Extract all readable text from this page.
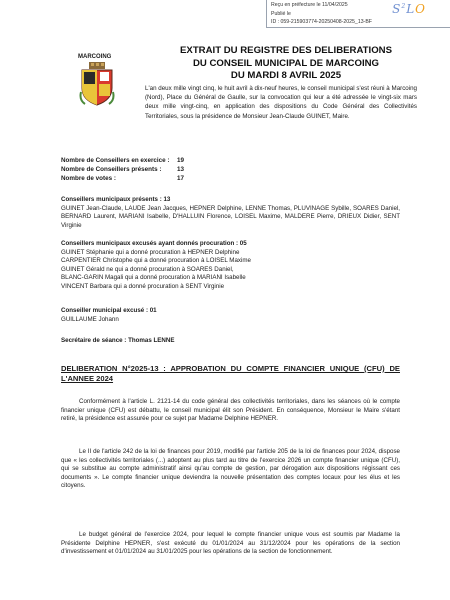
Reçu en préfecture le 11/04/2025
Publié le
ID : 059-215903774-20250408-2025_13-BF
$S^2LO$
MARCOING
EXTRAIT DU REGISTRE DES DELIBERATIONS
DU CONSEIL MUNICIPAL DE MARCOING
DU MARDI 8 AVRIL 2025
L'an deux mille vingt cinq, le huit avril à dix-neuf heures, le conseil municipal s'est réuni à Marcoing (Nord), Place du Général de Gaulle, sur la convocation qui leur a été adressée le vingt-six mars deux mille vingt-cinq, en application des dispositions du Code Général des Collectivités Territoriales, sous la présidence de Monsieur Jean-Claude GUINET, Maire.
Nombre de Conseillers en exercice : 19
Nombre de Conseillers présents : 13
Nombre de votes :	17
Conseillers municipaux présents : 13
GUINET Jean-Claude, LAUDE Jean Jacques, HEPNER Delphine, LENNE Thomas, PLUVINAGE Sybille, SOARES Daniel, BERNARD Laurent, MARIANI Isabelle, D'HALLUIN Florence, LOISEL Maxime, MALDERE Pierre, DRIEUX Didier, SENT Virginie
Conseillers municipaux excusés ayant donnés procuration : 05
GUINET Stéphanie qui a donné procuration à HEPNER Delphine
CARPENTIER Christophe qui a donné procuration à LOISEL Maxime
GUINET Gérald ne qui a donné procuration à SOARES Daniel,
BLANC-GARIN Magali qui a donné procuration à MARIANI Isabelle
VINCENT Barbara qui a donné procuration à SENT Virginie
Conseiller municipal excusé : 01
GUILLAUME Johann
Secrétaire de séance : Thomas LENNE
DELIBERATION N°2025-13 : APPROBATION DU COMPTE FINANCIER UNIQUE (CFU) DE L'ANNEE 2024
Conformément à l'article L. 2121-14 du code général des collectivités territoriales, dans les séances où le compte financier unique (CFU) est débattu, le conseil municipal élit son Président. En conséquence, Monsieur le Maire s'étant retiré, la présidence est assurée pour ce sujet par Madame Delphine HEPNER.
Le II de l'article 242 de la loi de finances pour 2019, modifié par l'article 205 de la loi de finances pour 2024, dispose que « les collectivités territoriales (...) adoptent au plus tard au titre de l'exercice 2026 un compte financier unique (CFU), qui se substitue au compte administratif ainsi qu'au compte de gestion, par dérogation aux dispositions régissant ces documents ». Le compte financier unique deviendra la nouvelle présentation des comptes locaux pour les élus et les citoyens.
Le budget général de l'exercice 2024, pour lequel le compte financier unique vous est soumis par Madame la Présidente Delphine HEPNER, s'est exécuté du 01/01/2024 au 31/12/2024 pour les opérations de la section d'investissement et 01/01/2024 au 31/01/2025 pour les opérations de la section de fonctionnement.
